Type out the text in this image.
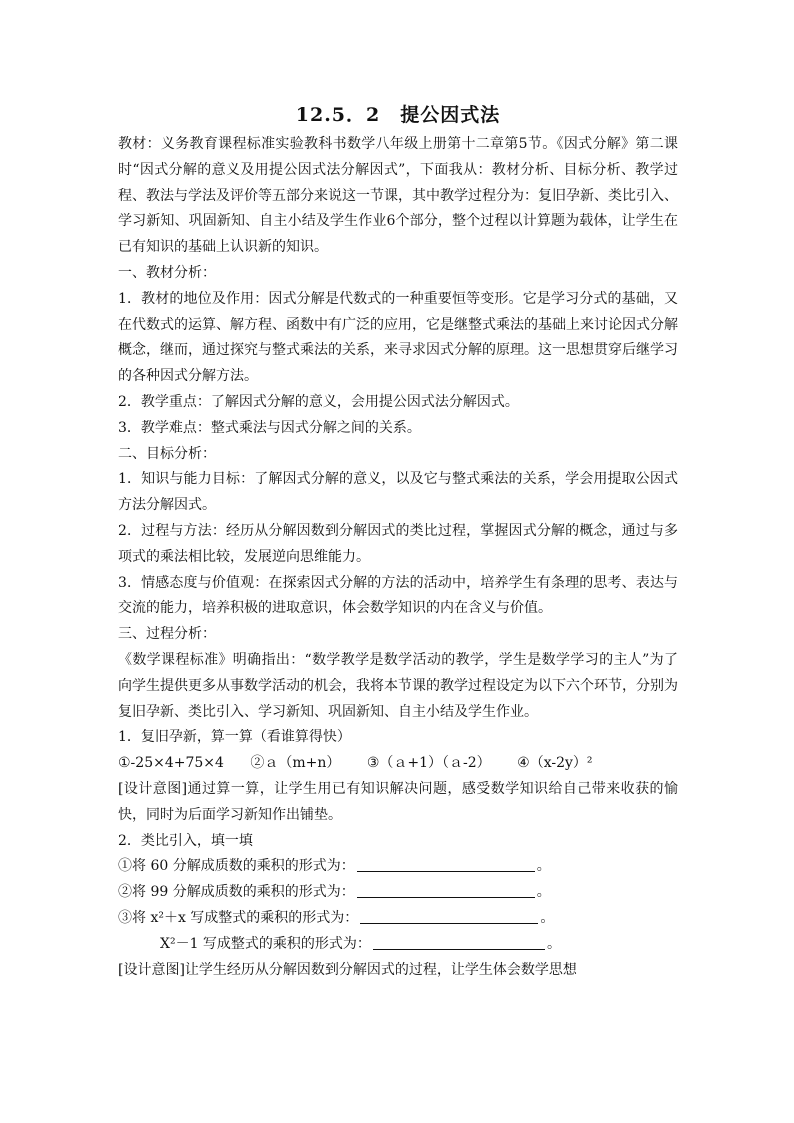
12.5．2　提公因式法

教材：义务教育课程标准实验教科书数学八年级上册第十二章第5节。《因式分解》第二课时“因式分解的意义及用提公因式法分解因式”，下面我从：教材分析、目标分析、教学过程、教法与学法及评价等五部分来说这一节课，其中教学过程分为：复旧孕新、类比引入、学习新知、巩固新知、自主小结及学生作业6个部分，整个过程以计算题为载体，让学生在已有知识的基础上认识新的知识。

一、教材分析：

1．教材的地位及作用：因式分解是代数式的一种重要恒等变形。它是学习分式的基础，又在代数式的运算、解方程、函数中有广泛的应用，它是继整式乘法的基础上来讨论因式分解概念，继而，通过探究与整式乘法的关系，来寻求因式分解的原理。这一思想贯穿后继学习的各种因式分解方法。

2．教学重点：了解因式分解的意义，会用提公因式法分解因式。

3．教学难点：整式乘法与因式分解之间的关系。

二、目标分析：

1．知识与能力目标：了解因式分解的意义，以及它与整式乘法的关系，学会用提取公因式方法分解因式。

2．过程与方法：经历从分解因数到分解因式的类比过程，掌握因式分解的概念，通过与多项式的乘法相比较，发展逆向思维能力。

3．情感态度与价值观：在探索因式分解的方法的活动中，培养学生有条理的思考、表达与交流的能力，培养积极的进取意识，体会数学知识的内在含义与价值。

三、过程分析：

《数学课程标准》明确指出：“数学教学是数学活动的教学，学生是数学学习的主人”为了向学生提供更多从事数学活动的机会，我将本节课的教学过程设定为以下六个环节，分别为复旧孕新、类比引入、学习新知、巩固新知、自主小结及学生作业。

1．复旧孕新，算一算（看谁算得快）

①-25×4+75×4 ②ａ（m+n） ③（ａ+1）（ａ-2） ④（x-2y）²

[设计意图]通过算一算，让学生用已有知识解决问题，感受数学知识给自己带来收获的愉快，同时为后面学习新知作出铺垫。

2．类比引入，填一填

①将 60 分解成质数的乘积的形式为：	。

②将 99 分解成质数的乘积的形式为：	。

③将 x²＋x 写成整式的乘积的形式为：	。

X²－1 写成整式的乘积的形式为：	。

[设计意图]让学生经历从分解因数到分解因式的过程，让学生体会数学思想
